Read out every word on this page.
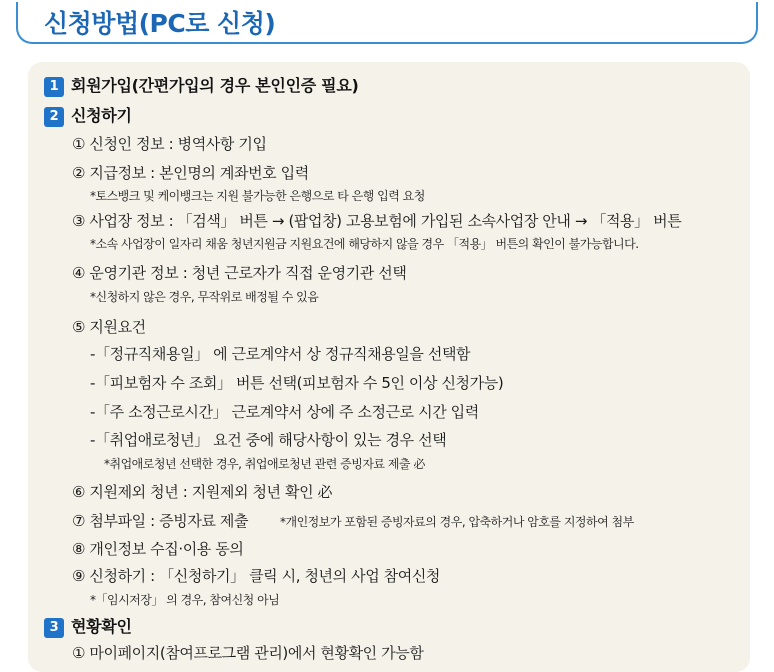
신청방법(PC로 신청)
1 회원가입(간편가입의 경우 본인인증 필요)
2 신청하기
① 신청인 정보 : 병역사항 기입
② 지급정보 : 본인명의 계좌번호 입력
*토스뱅크 및 케이뱅크는 지원 불가능한 은행으로 타 은행 입력 요청
③ 사업장 정보 : 「검색」 버튼 → (팝업창) 고용보험에 가입된 소속사업장 안내 → 「적용」 버튼
*소속 사업장이 일자리 채움 청년지원금 지원요건에 해당하지 않을 경우 「적용」 버튼의 확인이 불가능합니다.
④ 운영기관 정보 : 청년 근로자가 직접 운영기관 선택
*신청하지 않은 경우, 무작위로 배정될 수 있음
⑤ 지원요건
-「정규직채용일」 에 근로계약서 상 정규직채용일을 선택함
-「피보험자 수 조회」 버튼 선택(피보험자 수 5인 이상 신청가능)
-「주 소정근로시간」 근로계약서 상에 주 소정근로 시간 입력
-「취업애로청년」 요건 중에 해당사항이 있는 경우 선택
*취업애로청년 선택한 경우, 취업애로청년 관련 증빙자료 제출 必
⑥ 지원제외 청년 : 지원제외 청년 확인 必
⑦ 첨부파일 : 증빙자료 제출	*개인정보가 포함된 증빙자료의 경우, 압축하거나 암호를 지정하여 첨부
⑧ 개인정보 수집·이용 동의
⑨ 신청하기 : 「신청하기」 클릭 시, 청년의 사업 참여신청
*「임시저장」 의 경우, 참여신청 아님
3 현황확인
① 마이페이지(참여프로그램 관리)에서 현황확인 가능함
